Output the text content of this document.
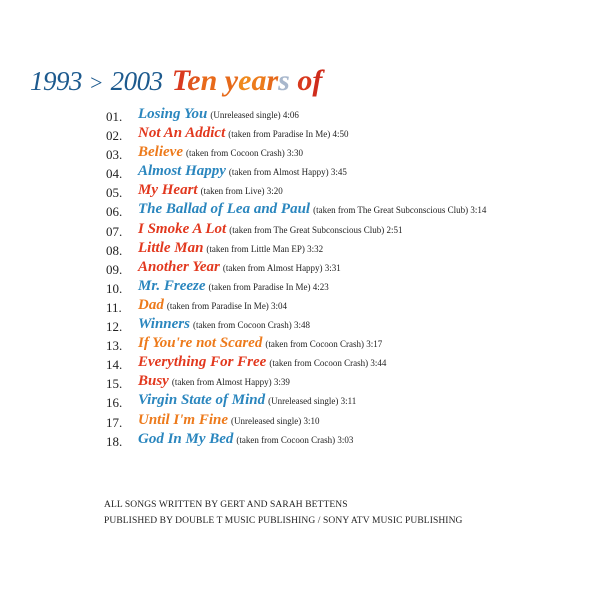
1993 > 2003 Ten years of
01. Losing You (Unreleased single) 4:06
02. Not An Addict (taken from Paradise In Me) 4:50
03. Believe (taken from Cocoon Crash) 3:30
04. Almost Happy (taken from Almost Happy) 3:45
05. My Heart (taken from Live) 3:20
06. The Ballad of Lea and Paul (taken from The Great Subconscious Club) 3:14
07. I Smoke A Lot (taken from The Great Subconscious Club) 2:51
08. Little Man (taken from Little Man EP) 3:32
09. Another Year (taken from Almost Happy) 3:31
10. Mr. Freeze (taken from Paradise In Me) 4:23
11. Dad (taken from Paradise In Me) 3:04
12. Winners (taken from Cocoon Crash) 3:48
13. If You're not Scared (taken from Cocoon Crash) 3:17
14. Everything For Free (taken from Cocoon Crash) 3:44
15. Busy (taken from Almost Happy) 3:39
16. Virgin State of Mind (Unreleased single) 3:11
17. Until I'm Fine (Unreleased single) 3:10
18. God In My Bed (taken from Cocoon Crash) 3:03
ALL SONGS WRITTEN BY GERT AND SARAH BETTENS
PUBLISHED BY DOUBLE T MUSIC PUBLISHING / SONY ATV MUSIC PUBLISHING
